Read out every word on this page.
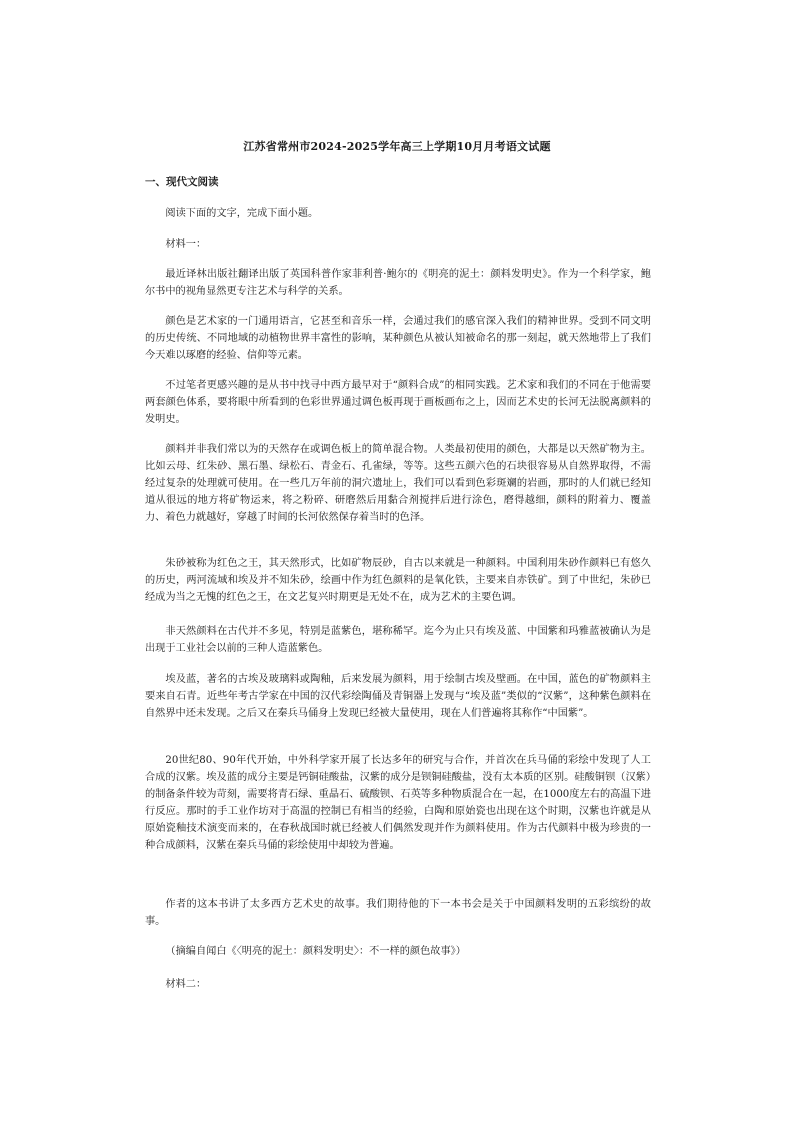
江苏省常州市2024-2025学年高三上学期10月月考语文试题
一、现代文阅读

阅读下面的文字，完成下面小题。

材料一：

最近译林出版社翻译出版了英国科普作家菲利普·鲍尔的《明亮的泥土：颜料发明史》。作为一个科学家，鲍尔书中的视角显然更专注艺术与科学的关系。

颜色是艺术家的一门通用语言，它甚至和音乐一样，会通过我们的感官深入我们的精神世界。受到不同文明的历史传统、不同地域的动植物世界丰富性的影响，某种颜色从被认知被命名的那一刻起，就天然地带上了我们今天难以琢磨的经验、信仰等元素。

不过笔者更感兴趣的是从书中找寻中西方最早对于“颜料合成”的相同实践。艺术家和我们的不同在于他需要两套颜色体系，要将眼中所看到的色彩世界通过调色板再现于画板画布之上，因而艺术史的长河无法脱离颜料的发明史。

颜料并非我们常以为的天然存在或调色板上的简单混合物。人类最初使用的颜色，大都是以天然矿物为主。比如云母、红朱砂、黑石墨、绿松石、青金石、孔雀绿，等等。这些五颜六色的石块很容易从自然界取得，不需经过复杂的处理就可使用。在一些几万年前的洞穴遗址上，我们可以看到色彩斑斓的岩画，那时的人们就已经知道从很远的地方将矿物运来，将之粉碎、研磨然后用黏合剂搅拌后进行涂色，磨得越细，颜料的附着力、覆盖力、着色力就越好，穿越了时间的长河依然保存着当时的色泽。

朱砂被称为红色之王，其天然形式，比如矿物辰砂，自古以来就是一种颜料。中国利用朱砂作颜料已有悠久的历史，两河流域和埃及并不知朱砂，绘画中作为红色颜料的是氧化铁，主要来自赤铁矿。到了中世纪，朱砂已经成为当之无愧的红色之王，在文艺复兴时期更是无处不在，成为艺术的主要色调。

非天然颜料在古代并不多见，特别是蓝紫色，堪称稀罕。迄今为止只有埃及蓝、中国紫和玛雅蓝被确认为是出现于工业社会以前的三种人造蓝紫色。

埃及蓝，著名的古埃及玻璃料或陶釉，后来发展为颜料，用于绘制古埃及壁画。在中国，蓝色的矿物颜料主要来自石青。近些年考古学家在中国的汉代彩绘陶俑及青铜器上发现与“埃及蓝”类似的“汉紫”，这种紫色颜料在自然界中还未发现。之后又在秦兵马俑身上发现已经被大量使用，现在人们普遍将其称作“中国紫”。

20世纪80、90年代开始，中外科学家开展了长达多年的研究与合作，并首次在兵马俑的彩绘中发现了人工合成的汉紫。埃及蓝的成分主要是钙铜硅酸盐，汉紫的成分是钡铜硅酸盐，没有太本质的区别。硅酸铜钡（汉紫）的制备条件较为苛刻，需要将青石绿、重晶石、硫酸钡、石英等多种物质混合在一起，在1000度左右的高温下进行反应。那时的手工业作坊对于高温的控制已有相当的经验，白陶和原始瓷也出现在这个时期，汉紫也许就是从原始瓷釉技术演变而来的，在春秋战国时就已经被人们偶然发现并作为颜料使用。作为古代颜料中极为珍贵的一种合成颜料，汉紫在秦兵马俑的彩绘使用中却较为普遍。

作者的这本书讲了太多西方艺术史的故事。我们期待他的下一本书会是关于中国颜料发明的五彩缤纷的故事。

（摘编自闻白《〈明亮的泥土：颜料发明史〉：不一样的颜色故事》）

材料二：
